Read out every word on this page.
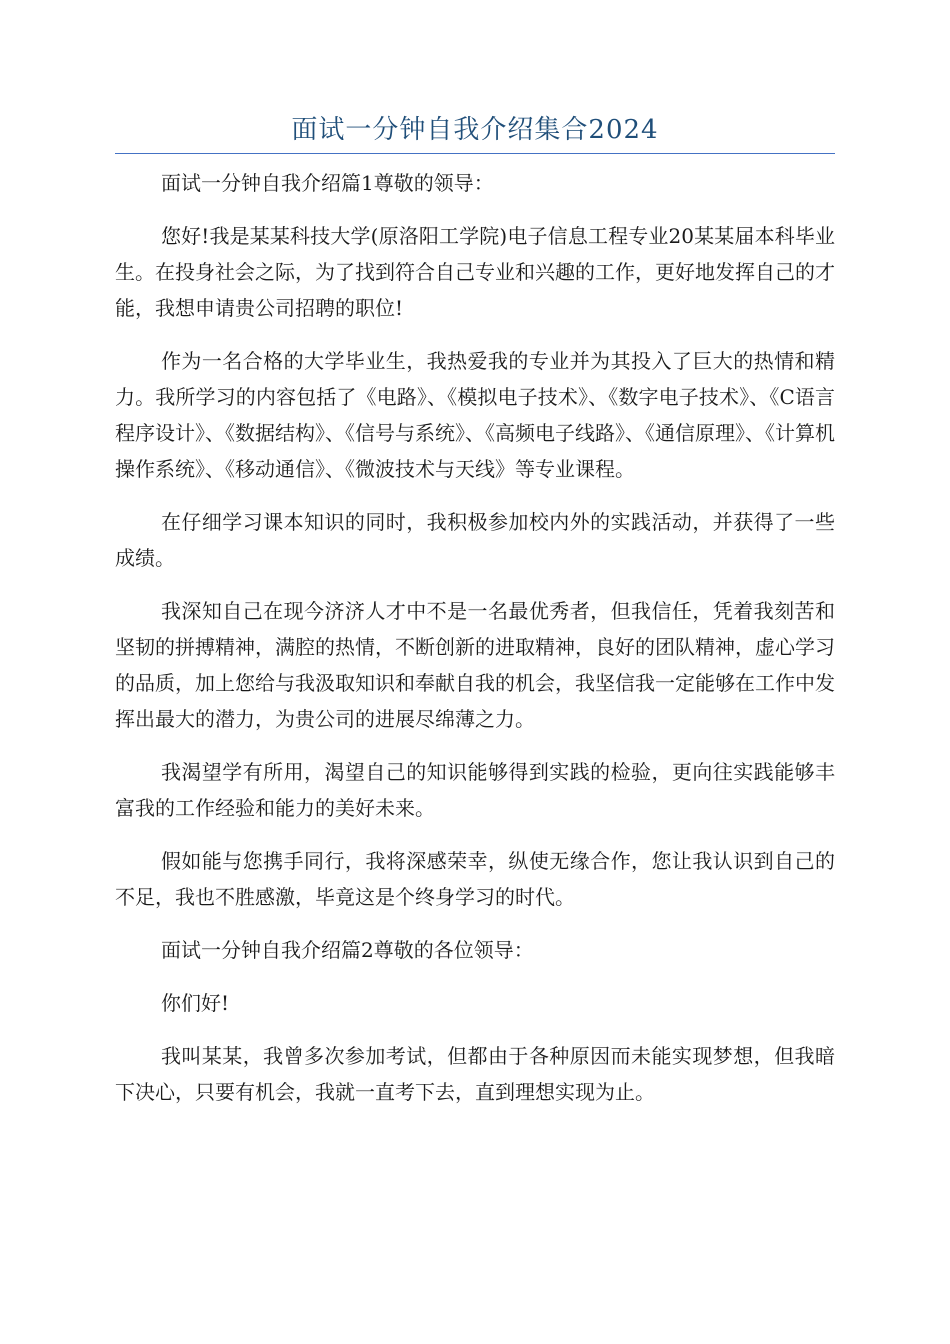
面试一分钟自我介绍集合2024

面试一分钟自我介绍篇1尊敬的领导：

您好!我是某某科技大学(原洛阳工学院)电子信息工程专业20某某届本科毕业生。在投身社会之际，为了找到符合自己专业和兴趣的工作，更好地发挥自己的才能，我想申请贵公司招聘的职位!

作为一名合格的大学毕业生，我热爱我的专业并为其投入了巨大的热情和精力。我所学习的内容包括了《电路》、《模拟电子技术》、《数字电子技术》、《C语言程序设计》、《数据结构》、《信号与系统》、《高频电子线路》、《通信原理》、《计算机操作系统》、《移动通信》、《微波技术与天线》等专业课程。

在仔细学习课本知识的同时，我积极参加校内外的实践活动，并获得了一些成绩。

我深知自己在现今济济人才中不是一名最优秀者，但我信任，凭着我刻苦和坚韧的拼搏精神，满腔的热情，不断创新的进取精神，良好的团队精神，虚心学习的品质，加上您给与我汲取知识和奉献自我的机会，我坚信我一定能够在工作中发挥出最大的潜力，为贵公司的进展尽绵薄之力。

我渴望学有所用，渴望自己的知识能够得到实践的检验，更向往实践能够丰富我的工作经验和能力的美好未来。

假如能与您携手同行，我将深感荣幸，纵使无缘合作，您让我认识到自己的不足，我也不胜感激，毕竟这是个终身学习的时代。

面试一分钟自我介绍篇2尊敬的各位领导：

你们好!

我叫某某，我曾多次参加考试，但都由于各种原因而未能实现梦想，但我暗下决心，只要有机会，我就一直考下去，直到理想实现为止。
